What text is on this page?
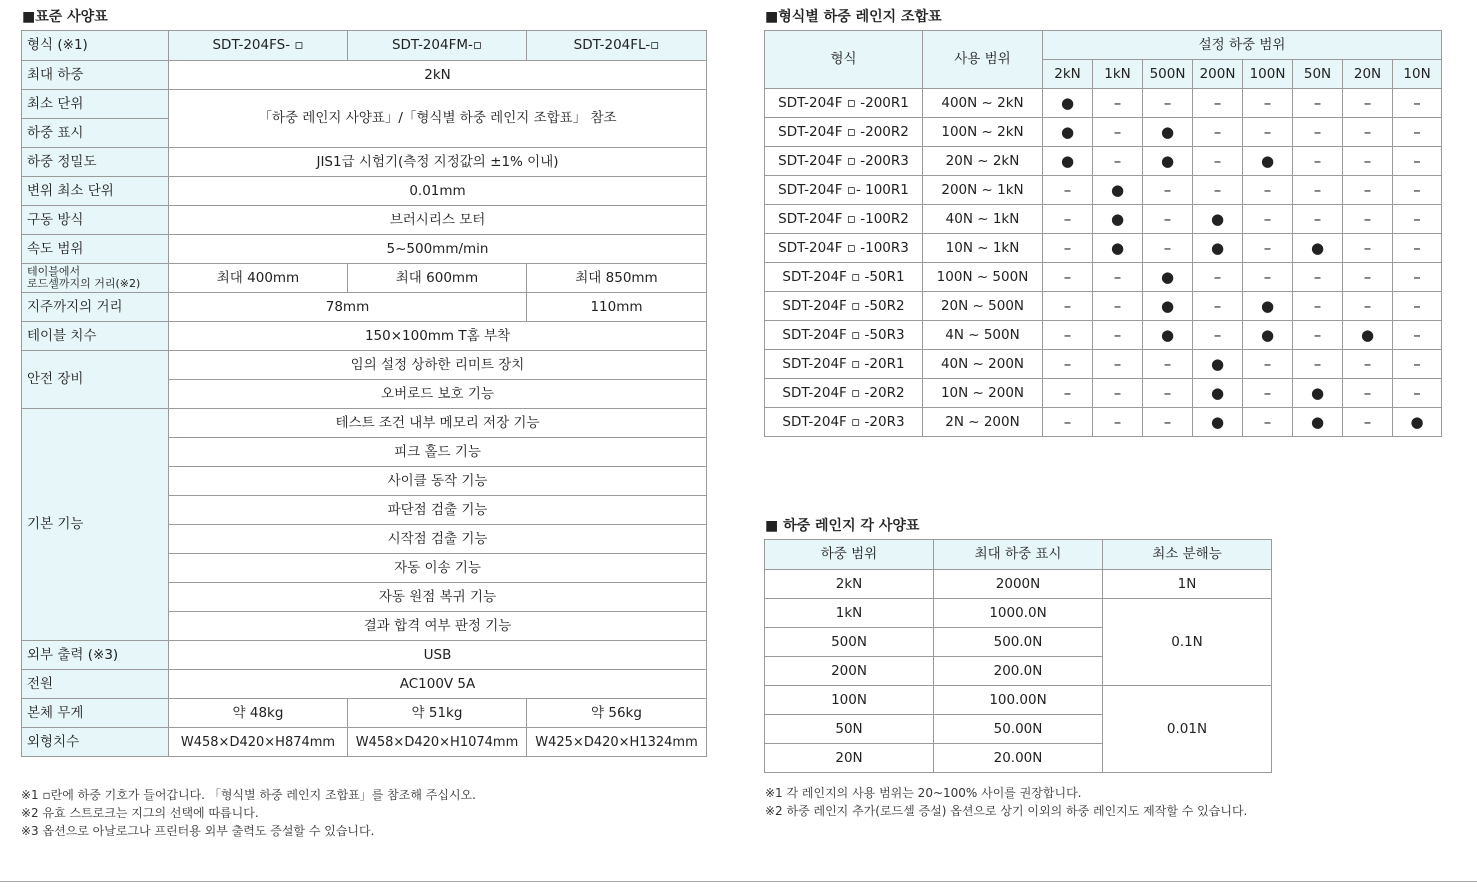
■표준 사양표
형식 (※1)	SDT-204FS- ▫	SDT-204FM-▫	SDT-204FL-▫
최대 하중	2kN		
최소 단위	「하중 레인지 사양표」/「형식별 하중 레인지 조합표」 참조		
하중 표시			
하중 정밀도	JIS1급 시험기(측정 지정값의 ±1% 이내)		
변위 최소 단위	0.01mm		
구동 방식	브러시리스 모터		
속도 범위	5~500mm/min		

테이블에서
로드셀까지의 거리(※2)	최대 400mm	최대 600mm	최대 850mm
지주까지의 거리	78mm		110mm
테이블 치수	150×100mm T홈 부착		
안전 장비	임의 설정 상하한 리미트 장치		
	오버로드 보호 기능		
기본 기능	테스트 조건 내부 메모리 저장 기능		
	피크 홀드 기능		
	사이클 동작 기능		
	파단점 검출 기능		
	시작점 검출 기능		
	자동 이송 기능		
	자동 원점 복귀 기능		
	결과 합격 여부 판정 기능		
외부 출력 (※3)	USB		
전원	AC100V 5A		
본체 무게	약 48kg	약 51kg	약 56kg
외형치수	W458×D420×H874mm	W458×D420×H1074mm	W425×D420×H1324mm
※1 ▫란에 하중 기호가 들어갑니다. 「형식별 하중 레인지 조합표」를 참조해 주십시오.
※2 유효 스트로크는 지그의 선택에 따릅니다.
※3 옵션으로 아날로그나 프린터용 외부 출력도 증설할 수 있습니다.
■형식별 하중 레인지 조합표
형식	사용 범위	설정 하중 범위							
		2kN	1kN	500N	200N	100N	50N	20N	10N
SDT-204F ▫ -200R1	400N ~ 2kN	●	–	–	–	–	–	–	–
SDT-204F ▫ -200R2	100N ~ 2kN	●	–	●	–	–	–	–	–
SDT-204F ▫ -200R3	20N ~ 2kN	●	–	●	–	●	–	–	–
SDT-204F ▫- 100R1	200N ~ 1kN	–	●	–	–	–	–	–	–
SDT-204F ▫ -100R2	40N ~ 1kN	–	●	–	●	–	–	–	–
SDT-204F ▫ -100R3	10N ~ 1kN	–	●	–	●	–	●	–	–
SDT-204F ▫ -50R1	100N ~ 500N	–	–	●	–	–	–	–	–
SDT-204F ▫ -50R2	20N ~ 500N	–	–	●	–	●	–	–	–
SDT-204F ▫ -50R3	4N ~ 500N	–	–	●	–	●	–	●	–
SDT-204F ▫ -20R1	40N ~ 200N	–	–	–	●	–	–	–	–
SDT-204F ▫ -20R2	10N ~ 200N	–	–	–	●	–	●	–	–
SDT-204F ▫ -20R3	2N ~ 200N	–	–	–	●	–	●	–	●
■ 하중 레인지 각 사양표
하중 범위	최대 하중 표시	최소 분해능
2kN	2000N	1N
1kN	1000.0N	0.1N
500N	500.0N	
200N	200.0N	
100N	100.00N	0.01N
50N	50.00N	
20N	20.00N	
※1 각 레인지의 사용 범위는 20~100% 사이를 권장합니다.
※2 하중 레인지 추가(로드셀 증설) 옵션으로 상기 이외의 하중 레인지도 제작할 수 있습니다.
